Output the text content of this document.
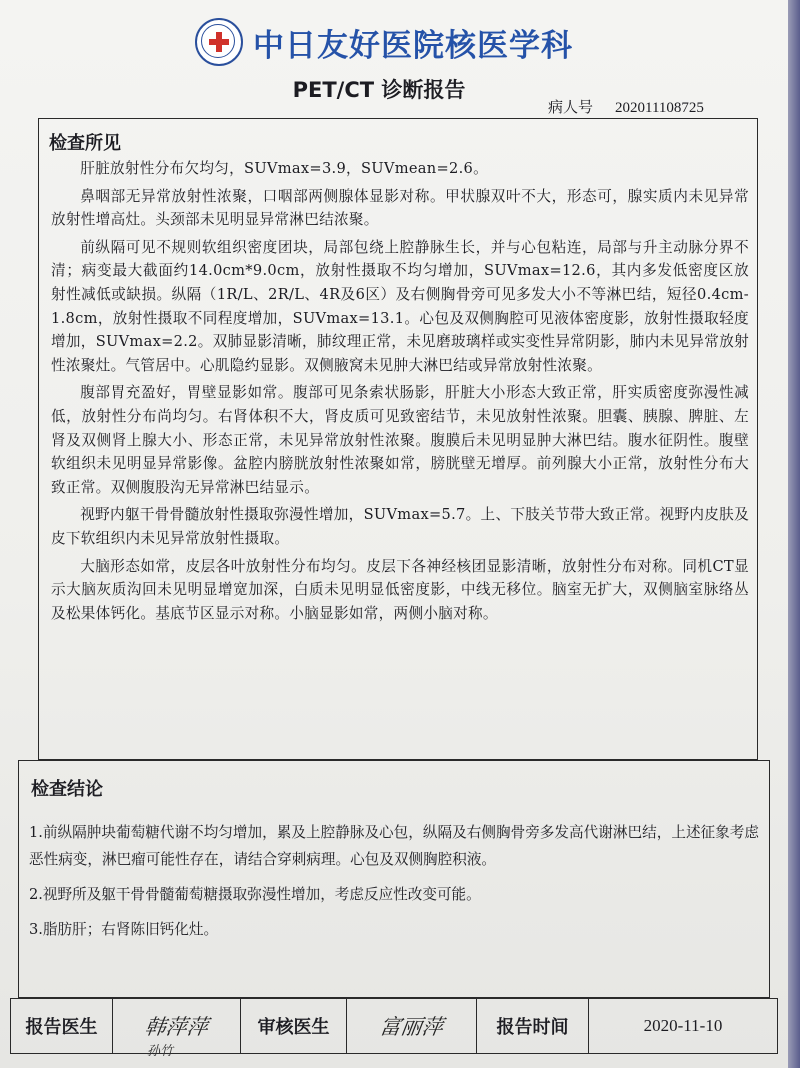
中日友好医院核医学科
PET/CT 诊断报告
病人号 202011108725
检查所见

肝脏放射性分布欠均匀，SUVmax=3.9，SUVmean=2.6。

鼻咽部无异常放射性浓聚，口咽部两侧腺体显影对称。甲状腺双叶不大，形态可，腺实质内未见异常放射性增高灶。头颈部未见明显异常淋巴结浓聚。

前纵隔可见不规则软组织密度团块，局部包绕上腔静脉生长，并与心包粘连，局部与升主动脉分界不清；病变最大截面约14.0cm*9.0cm，放射性摄取不均匀增加，SUVmax=12.6，其内多发低密度区放射性减低或缺损。纵隔（1R/L、2R/L、4R及6区）及右侧胸骨旁可见多发大小不等淋巴结，短径0.4cm-1.8cm，放射性摄取不同程度增加，SUVmax=13.1。心包及双侧胸腔可见液体密度影，放射性摄取轻度增加，SUVmax=2.2。双肺显影清晰，肺纹理正常，未见磨玻璃样或实变性异常阴影，肺内未见异常放射性浓聚灶。气管居中。心肌隐约显影。双侧腋窝未见肿大淋巴结或异常放射性浓聚。

腹部胃充盈好，胃壁显影如常。腹部可见条索状肠影，肝脏大小形态大致正常，肝实质密度弥漫性减低，放射性分布尚均匀。右肾体积不大，肾皮质可见致密结节，未见放射性浓聚。胆囊、胰腺、脾脏、左肾及双侧肾上腺大小、形态正常，未见异常放射性浓聚。腹膜后未见明显肿大淋巴结。腹水征阴性。腹壁软组织未见明显异常影像。盆腔内膀胱放射性浓聚如常，膀胱壁无增厚。前列腺大小正常，放射性分布大致正常。双侧腹股沟无异常淋巴结显示。

视野内躯干骨骨髓放射性摄取弥漫性增加，SUVmax=5.7。上、下肢关节带大致正常。视野内皮肤及皮下软组织内未见异常放射性摄取。

大脑形态如常，皮层各叶放射性分布均匀。皮层下各神经核团显影清晰，放射性分布对称。同机CT显示大脑灰质沟回未见明显增宽加深，白质未见明显低密度影，中线无移位。脑室无扩大，双侧脑室脉络丛及松果体钙化。基底节区显示对称。小脑显影如常，两侧小脑对称。

检查结论

1.前纵隔肿块葡萄糖代谢不均匀增加，累及上腔静脉及心包，纵隔及右侧胸骨旁多发高代谢淋巴结，上述征象考虑恶性病变，淋巴瘤可能性存在，请结合穿刺病理。心包及双侧胸腔积液。

2.视野所及躯干骨骨髓葡萄糖摄取弥漫性增加，考虑反应性改变可能。

3.脂肪肝；右肾陈旧钙化灶。

报告医生 韩萍萍	审核医生 富丽萍	报告时间	2020-11-10
孙竹
